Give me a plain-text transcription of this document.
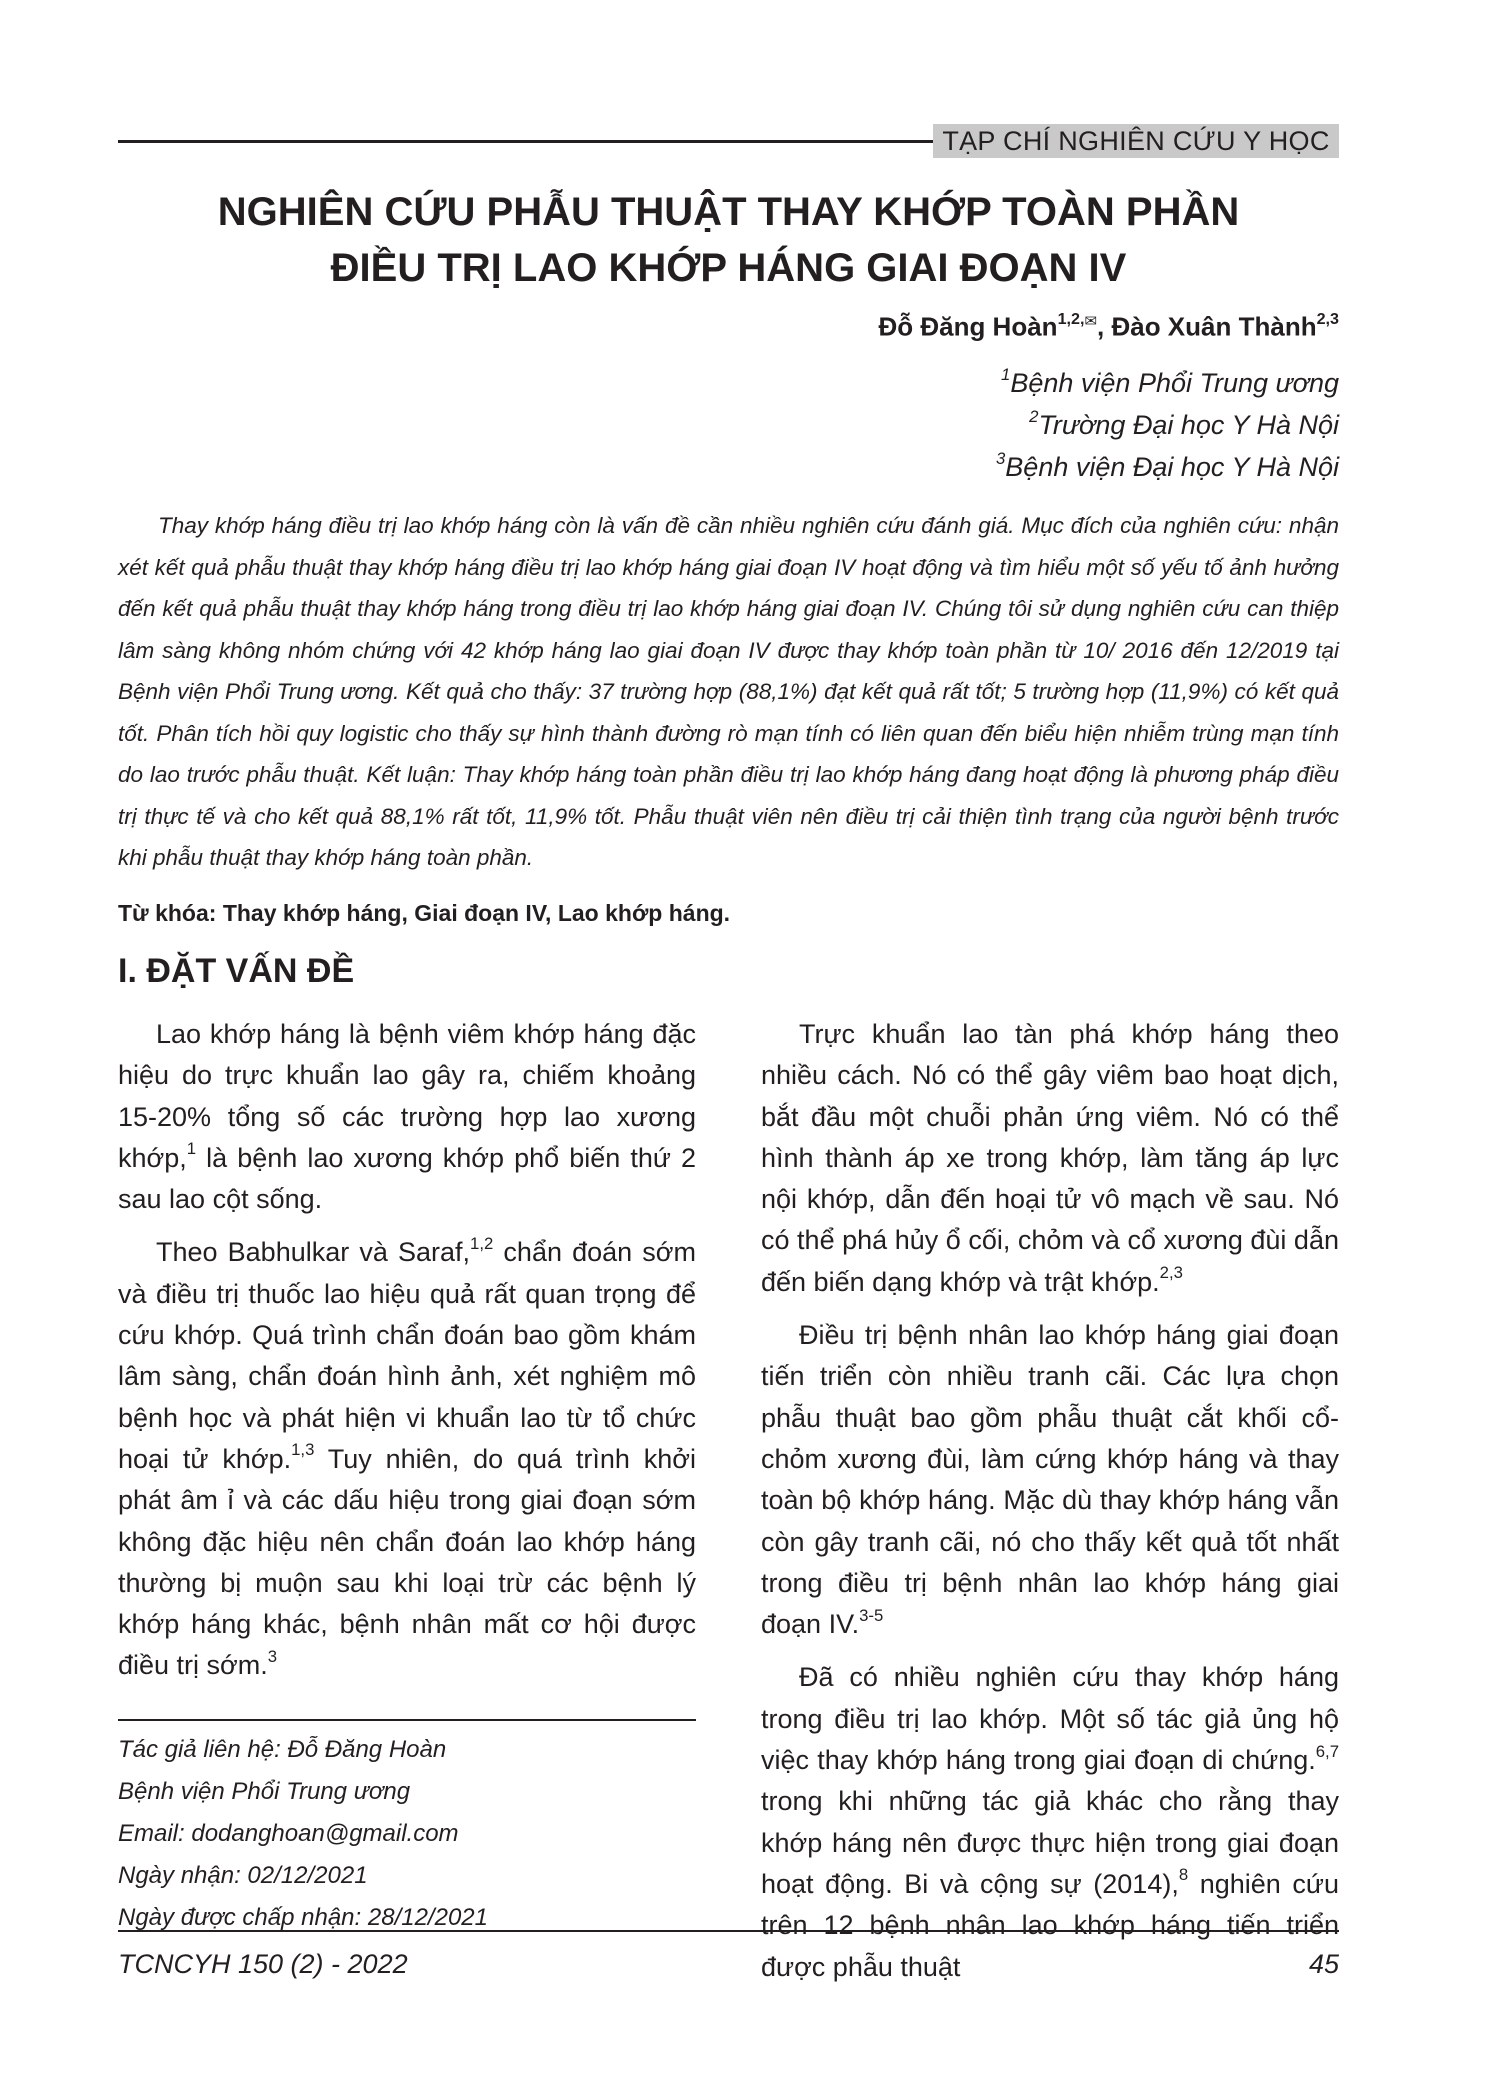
TẠP CHÍ NGHIÊN CỨU Y HỌC
NGHIÊN CỨU PHẪU THUẬT THAY KHỚP TOÀN PHẦN
ĐIỀU TRỊ LAO KHỚP HÁNG GIAI ĐOẠN IV
Đỗ Đăng Hoàn$^{1,2,}$✉, Đào Xuân Thành$^{2,3}$
$^1$Bệnh viện Phổi Trung ương
$^2$Trường Đại học Y Hà Nội
$^3$Bệnh viện Đại học Y Hà Nội

Thay khớp háng điều trị lao khớp háng còn là vấn đề cần nhiều nghiên cứu đánh giá. Mục đích của nghiên cứu: nhận xét kết quả phẫu thuật thay khớp háng điều trị lao khớp háng giai đoạn IV hoạt động và tìm hiểu một số yếu tố ảnh hưởng đến kết quả phẫu thuật thay khớp háng trong điều trị lao khớp háng giai đoạn IV. Chúng tôi sử dụng nghiên cứu can thiệp lâm sàng không nhóm chứng với 42 khớp háng lao giai đoạn IV được thay khớp toàn phần từ 10/ 2016 đến 12/2019 tại Bệnh viện Phổi Trung ương. Kết quả cho thấy: 37 trường hợp (88,1%) đạt kết quả rất tốt; 5 trường hợp (11,9%) có kết quả tốt. Phân tích hồi quy logistic cho thấy sự hình thành đường rò mạn tính có liên quan đến biểu hiện nhiễm trùng mạn tính do lao trước phẫu thuật. Kết luận: Thay khớp háng toàn phần điều trị lao khớp háng đang hoạt động là phương pháp điều trị thực tế và cho kết quả 88,1% rất tốt, 11,9% tốt. Phẫu thuật viên nên điều trị cải thiện tình trạng của người bệnh trước khi phẫu thuật thay khớp háng toàn phần.

Từ khóa: Thay khớp háng, Giai đoạn IV, Lao khớp háng.
I. ĐẶT VẤN ĐỀ

Lao khớp háng là bệnh viêm khớp háng đặc hiệu do trực khuẩn lao gây ra, chiếm khoảng 15-20% tổng số các trường hợp lao xương khớp,$^1$ là bệnh lao xương khớp phổ biến thứ 2 sau lao cột sống.

Theo Babhulkar và Saraf,$^{1,2}$ chẩn đoán sớm và điều trị thuốc lao hiệu quả rất quan trọng để cứu khớp. Quá trình chẩn đoán bao gồm khám lâm sàng, chẩn đoán hình ảnh, xét nghiệm mô bệnh học và phát hiện vi khuẩn lao từ tổ chức hoại tử khớp.$^{1,3}$ Tuy nhiên, do quá trình khởi phát âm ỉ và các dấu hiệu trong giai đoạn sớm không đặc hiệu nên chẩn đoán lao khớp háng thường bị muộn sau khi loại trừ các bệnh lý khớp háng khác, bệnh nhân mất cơ hội được điều trị sớm.$^3$

Trực khuẩn lao tàn phá khớp háng theo nhiều cách. Nó có thể gây viêm bao hoạt dịch, bắt đầu một chuỗi phản ứng viêm. Nó có thể hình thành áp xe trong khớp, làm tăng áp lực nội khớp, dẫn đến hoại tử vô mạch về sau. Nó có thể phá hủy ổ cối, chỏm và cổ xương đùi dẫn đến biến dạng khớp và trật khớp.$^{2,3}$

Điều trị bệnh nhân lao khớp háng giai đoạn tiến triển còn nhiều tranh cãi. Các lựa chọn phẫu thuật bao gồm phẫu thuật cắt khối cổ-chỏm xương đùi, làm cứng khớp háng và thay toàn bộ khớp háng. Mặc dù thay khớp háng vẫn còn gây tranh cãi, nó cho thấy kết quả tốt nhất trong điều trị bệnh nhân lao khớp háng giai đoạn IV.$^{3-5}$

Đã có nhiều nghiên cứu thay khớp háng trong điều trị lao khớp. Một số tác giả ủng hộ việc thay khớp háng trong giai đoạn di chứng.$^{6,7}$ trong khi những tác giả khác cho rằng thay khớp háng nên được thực hiện trong giai đoạn hoạt động. Bi và cộng sự (2014),$^8$ nghiên cứu trên 12 bệnh nhân lao khớp háng tiến triển được phẫu thuật

Tác giả liên hệ: Đỗ Đăng Hoàn
Bệnh viện Phổi Trung ương
Email: dodanghoan@gmail.com
Ngày nhận: 02/12/2021
Ngày được chấp nhận: 28/12/2021
TCNCYH 150 (2) - 2022	45
